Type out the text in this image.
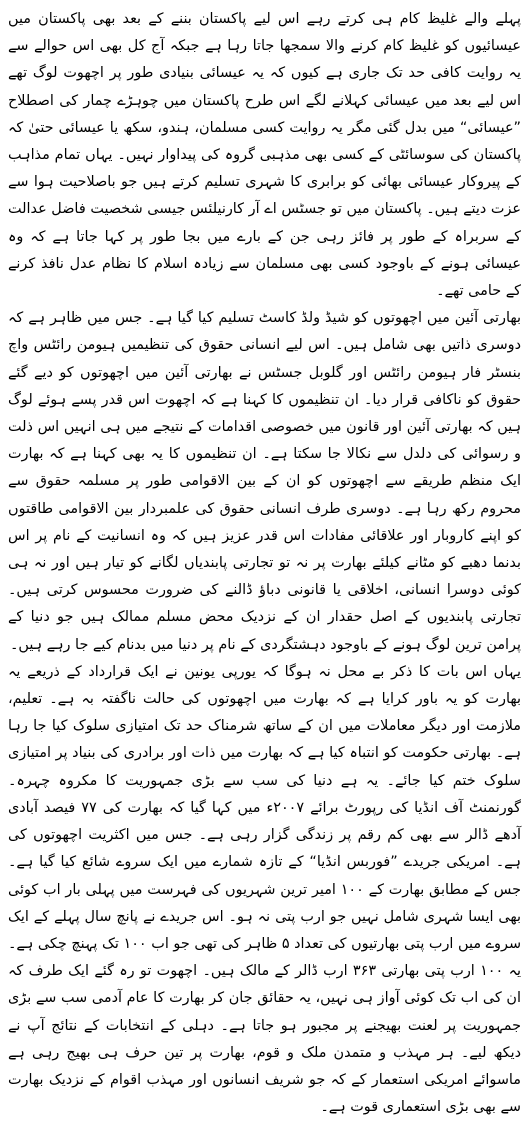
پہلے والے غلیظ کام ہی کرتے رہے اس لیے پاکستان بننے کے بعد بھی پاکستان میں عیسائیوں کو غلیظ کام کرنے والا سمجھا جاتا رہا ہے جبکہ آج کل بھی اس حوالے سے یہ روایت کافی حد تک جاری ہے کیوں کہ یہ عیسائی بنیادی طور پر اچھوت لوگ تھے اس لیے بعد میں عیسائی کہلانے لگے اس طرح پاکستان میں چوہڑے چمار کی اصطلاح ”عیسائی“ میں بدل گئی مگر یہ روایت کسی مسلمان، ہندو، سکھ یا عیسائی حتیٰ کہ پاکستان کی سوسائٹی کے کسی بھی مذہبی گروہ کی پیداوار نہیں۔ یہاں تمام مذاہب کے پیروکار عیسائی بھائی کو برابری کا شہری تسلیم کرتے ہیں جو باصلاحیت ہوا سے عزت دیتے ہیں۔ پاکستان میں تو جسٹس اے آر کارنیلئس جیسی شخصیت فاضل عدالت کے سربراہ کے طور پر فائز رہی جن کے بارے میں بجا طور پر کہا جاتا ہے کہ وہ عیسائی ہونے کے باوجود کسی بھی مسلمان سے زیادہ اسلام کا نظام عدل نافذ کرنے کے حامی تھے۔

بھارتی آئین میں اچھوتوں کو شیڈ ولڈ کاسٹ تسلیم کیا گیا ہے۔ جس میں ظاہر ہے کہ دوسری ذاتیں بھی شامل ہیں۔ اس لیے انسانی حقوق کی تنظیمیں ہیومن رائٹس واچ بنسٹر فار ہیومن رائٹس اور گلوبل جسٹس نے بھارتی آئین میں اچھوتوں کو دیے گئے حقوق کو ناکافی قرار دیا۔ ان تنظیموں کا کہنا ہے کہ اچھوت اس قدر پسے ہوئے لوگ ہیں کہ بھارتی آئین اور قانون میں خصوصی اقدامات کے نتیجے میں ہی انہیں اس ذلت و رسوائی کی دلدل سے نکالا جا سکتا ہے۔ ان تنظیموں کا یہ بھی کہنا ہے کہ بھارت ایک منظم طریقے سے اچھوتوں کو ان کے بین الاقوامی طور پر مسلمہ حقوق سے محروم رکھ رہا ہے۔ دوسری طرف انسانی حقوق کی علمبردار بین الاقوامی طاقتوں کو اپنے کاروبار اور علاقائی مفادات اس قدر عزیز ہیں کہ وہ انسانیت کے نام پر اس بدنما دھبے کو مٹانے کیلئے بھارت پر نہ تو تجارتی پابندیاں لگانے کو تیار ہیں اور نہ ہی کوئی دوسرا انسانی، اخلاقی یا قانونی دباؤ ڈالنے کی ضرورت محسوس کرتی ہیں۔ تجارتی پابندیوں کے اصل حقدار ان کے نزدیک محض مسلم ممالک ہیں جو دنیا کے پرامن ترین لوگ ہونے کے باوجود دہشتگردی کے نام پر دنیا میں بدنام کیے جا رہے ہیں۔

یہاں اس بات کا ذکر بے محل نہ ہوگا کہ یورپی یونین نے ایک قرارداد کے ذریعے یہ بھارت کو یہ باور کرایا ہے کہ بھارت میں اچھوتوں کی حالت ناگفتہ بہ ہے۔ تعلیم، ملازمت اور دیگر معاملات میں ان کے ساتھ شرمناک حد تک امتیازی سلوک کیا جا رہا ہے۔ بھارتی حکومت کو انتباہ کیا ہے کہ بھارت میں ذات اور برادری کی بنیاد پر امتیازی سلوک ختم کیا جائے۔ یہ ہے دنیا کی سب سے بڑی جمہوریت کا مکروہ چہرہ۔ گورنمنٹ آف انڈیا کی رپورٹ برائے ۲۰۰۷ء میں کہا گیا کہ بھارت کی ۷۷ فیصد آبادی آدھے ڈالر سے بھی کم رقم پر زندگی گزار رہی ہے۔ جس میں اکثریت اچھوتوں کی ہے۔ امریکی جریدے ”فوربس انڈیا“ کے تازہ شمارے میں ایک سروے شائع کیا گیا ہے۔ جس کے مطابق بھارت کے ۱۰۰ امیر ترین شہریوں کی فہرست میں پہلی بار اب کوئی بھی ایسا شہری شامل نہیں جو ارب پتی نہ ہو۔ اس جریدے نے پانچ سال پہلے کے ایک سروے میں ارب پتی بھارتیوں کی تعداد ۵ ظاہر کی تھی جو اب ۱۰۰ تک پہنچ چکی ہے۔ یہ ۱۰۰ ارب پتی بھارتی ۳۶۳ ارب ڈالر کے مالک ہیں۔ اچھوت تو رہ گئے ایک طرف کہ ان کی اب تک کوئی آواز ہی نہیں، یہ حقائق جان کر بھارت کا عام آدمی سب سے بڑی جمہوریت پر لعنت بھیجنے پر مجبور ہو جاتا ہے۔ دہلی کے انتخابات کے نتائج آپ نے دیکھ لیے۔ ہر مہذب و متمدن ملک و قوم، بھارت پر تین حرف ہی بھیج رہی ہے ماسوائے امریکی استعمار کے کہ جو شریف انسانوں اور مہذب اقوام کے نزدیک بھارت سے بھی بڑی استعماری قوت ہے۔
